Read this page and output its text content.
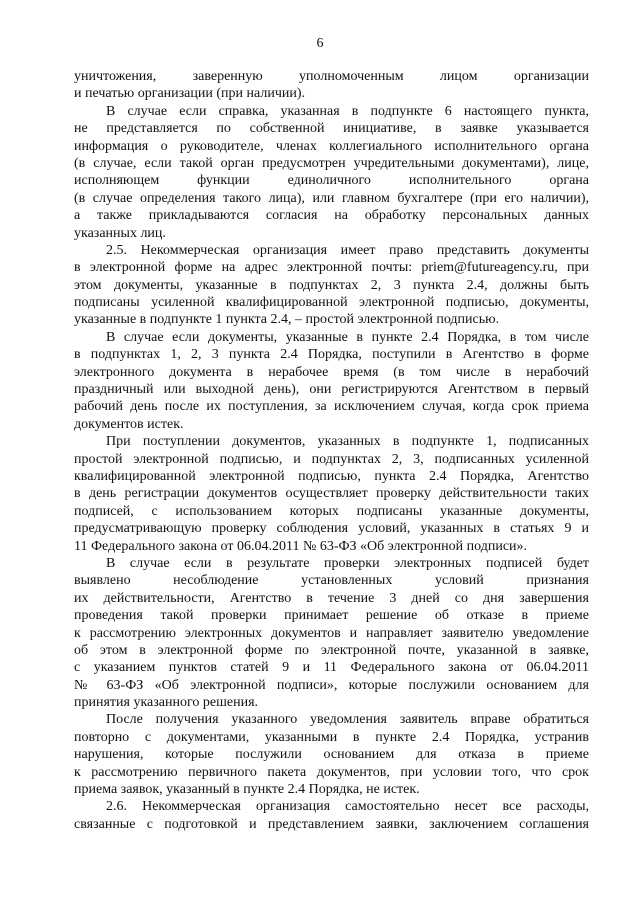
6
уничтожения, заверенную уполномоченным лицом организации
и печатью организации (при наличии).
В случае если справка, указанная в подпункте 6 настоящего пункта,
не представляется по собственной инициативе, в заявке указывается
информация о руководителе, членах коллегиального исполнительного органа
(в случае, если такой орган предусмотрен учредительными документами), лице,
исполняющем функции единоличного исполнительного органа
(в случае определения такого лица), или главном бухгалтере (при его наличии),
а также прикладываются согласия на обработку персональных данных
указанных лиц.
2.5. Некоммерческая организация имеет право представить документы
в электронной форме на адрес электронной почты: priem@futureagency.ru, при
этом документы, указанные в подпунктах 2, 3 пункта 2.4, должны быть
подписаны усиленной квалифицированной электронной подписью, документы,
указанные в подпункте 1 пункта 2.4, – простой электронной подписью.
В случае если документы, указанные в пункте 2.4 Порядка, в том числе
в подпунктах 1, 2, 3 пункта 2.4 Порядка, поступили в Агентство в форме
электронного документа в нерабочее время (в том числе в нерабочий
праздничный или выходной день), они регистрируются Агентством в первый
рабочий день после их поступления, за исключением случая, когда срок приема
документов истек.
При поступлении документов, указанных в подпункте 1, подписанных
простой электронной подписью, и подпунктах 2, 3, подписанных усиленной
квалифицированной электронной подписью, пункта 2.4 Порядка, Агентство
в день регистрации документов осуществляет проверку действительности таких
подписей, с использованием которых подписаны указанные документы,
предусматривающую проверку соблюдения условий, указанных в статьях 9 и
11 Федерального закона от 06.04.2011 № 63-ФЗ «Об электронной подписи».
В случае если в результате проверки электронных подписей будет
выявлено несоблюдение установленных условий признания
их действительности, Агентство в течение 3 дней со дня завершения
проведения такой проверки принимает решение об отказе в приеме
к рассмотрению электронных документов и направляет заявителю уведомление
об этом в электронной форме по электронной почте, указанной в заявке,
с указанием пунктов статей 9 и 11 Федерального закона от 06.04.2011
№ 63-ФЗ «Об электронной подписи», которые послужили основанием для
принятия указанного решения.
После получения указанного уведомления заявитель вправе обратиться
повторно с документами, указанными в пункте 2.4 Порядка, устранив
нарушения, которые послужили основанием для отказа в приеме
к рассмотрению первичного пакета документов, при условии того, что срок
приема заявок, указанный в пункте 2.4 Порядка, не истек.
2.6. Некоммерческая организация самостоятельно несет все расходы,
связанные с подготовкой и представлением заявки, заключением соглашения
